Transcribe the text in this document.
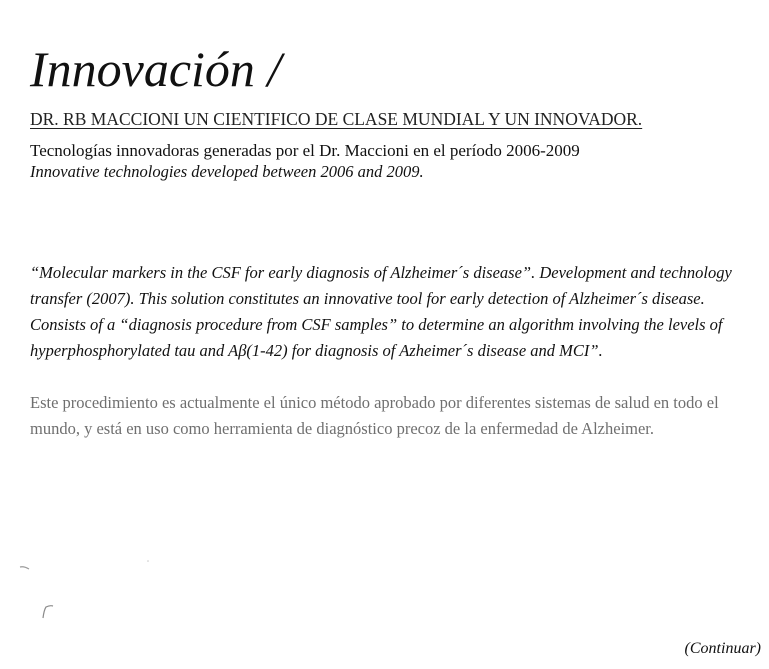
Innovación /
DR. RB MACCIONI UN CIENTIFICO DE CLASE MUNDIAL Y UN INNOVADOR.

Tecnologías innovadoras generadas por el Dr. Maccioni en el período 2006-2009

Innovative technologies developed between 2006 and 2009.

“Molecular markers in the CSF for early diagnosis of Alzheimer´s disease”. Development and technology

transfer (2007). This solution constitutes an innovative tool for early detection of Alzheimer´s disease.

Consists of a “diagnosis procedure from CSF samples” to determine an algorithm involving the levels of

hyperphosphorylated tau and Aβ(1-42) for diagnosis of Azheimer´s disease and MCI”.

Este procedimiento es actualmente el único método aprobado por diferentes sistemas de salud en todo el

mundo, y está en uso como herramienta de diagnóstico precoz de la enfermedad de Alzheimer.

(Continuar)
